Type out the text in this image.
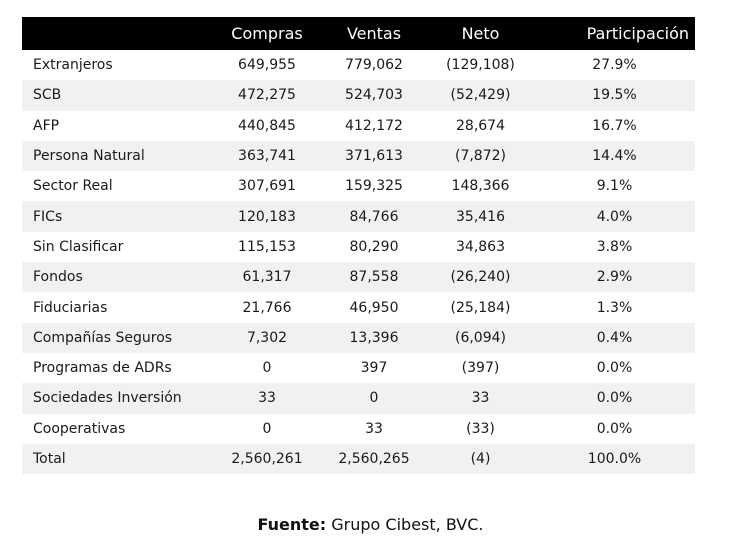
	Compras	Ventas	Neto	Participación
Extranjeros	649,955	779,062	(129,108)	27.9%
SCB	472,275	524,703	(52,429)	19.5%
AFP	440,845	412,172	28,674	16.7%
Persona Natural	363,741	371,613	(7,872)	14.4%
Sector Real	307,691	159,325	148,366	9.1%
FICs	120,183	84,766	35,416	4.0%
Sin Clasificar	115,153	80,290	34,863	3.8%
Fondos	61,317	87,558	(26,240)	2.9%
Fiduciarias	21,766	46,950	(25,184)	1.3%
Compañías Seguros	7,302	13,396	(6,094)	0.4%
Programas de ADRs	0	397	(397)	0.0%
Sociedades Inversión	33	0	33	0.0%
Cooperativas	0	33	(33)	0.0%
Total	2,560,261	2,560,265	(4)	100.0%
Fuente: Grupo Cibest, BVC.
